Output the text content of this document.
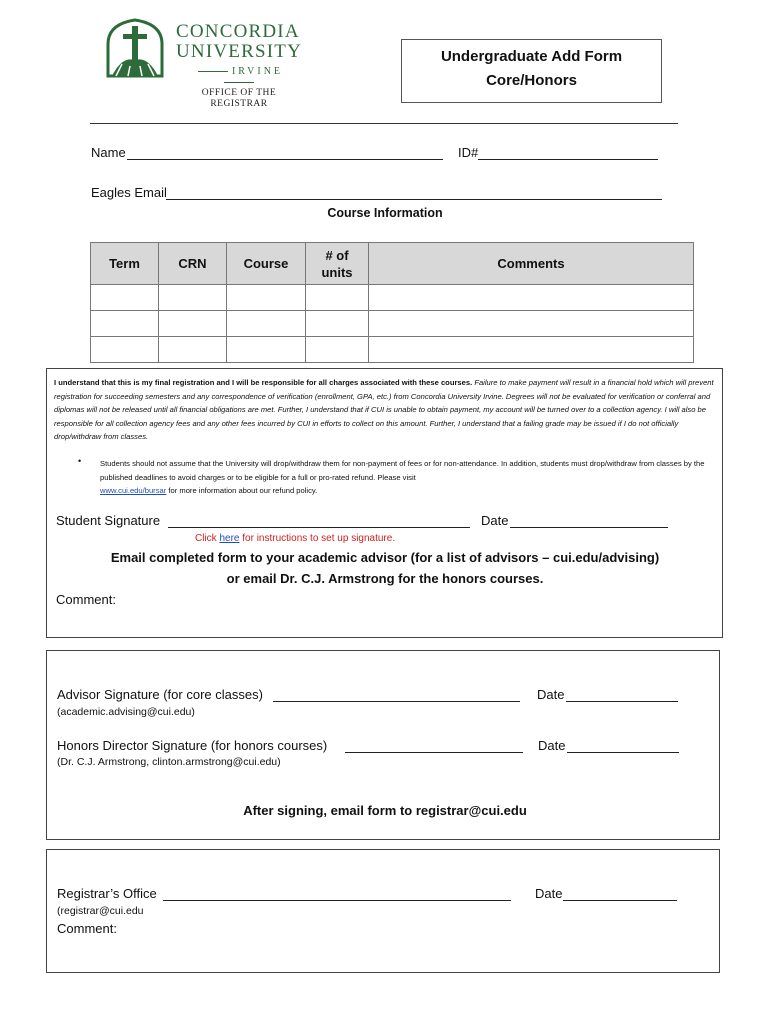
CONCORDIA
UNIVERSITY
IRVINE
OFFICE OF THE
REGISTRAR
Undergraduate Add Form
Core/Honors
Name	ID#
Eagles Email
Course Information
Term	CRN	Course	# of units	Comments

I understand that this is my final registration and I will be responsible for all charges associated with these courses. Failure to make payment will result in a financial hold which will prevent registration for succeeding semesters and any correspondence of verification (enrollment, GPA, etc.) from Concordia University Irvine. Degrees will not be evaluated for verification or conferral and diplomas will not be released until all financial obligations are met. Further, I understand that if CUI is unable to obtain payment, my account will be turned over to a collection agency. I will also be responsible for all collection agency fees and any other fees incurred by CUI in efforts to collect on this amount. Further, I understand that a failing grade may be issued if I do not officially drop/withdraw from classes.
• Students should not assume that the University will drop/withdraw them for non-payment of fees or for non-attendance. In addition, students must drop/withdraw from classes by the published deadlines to avoid charges or to be eligible for a full or pro-rated refund. Please visit
www.cui.edu/bursar for more information about our refund policy.
Student Signature	Date
Click here for instructions to set up signature.
Email completed form to your academic advisor (for a list of advisors – cui.edu/advising)
or email Dr. C.J. Armstrong for the honors courses.
Comment:
Advisor Signature (for core classes)	Date
(academic.advising@cui.edu)
Honors Director Signature (for honors courses)	Date
(Dr. C.J. Armstrong, clinton.armstrong@cui.edu)
After signing, email form to registrar@cui.edu
Registrar’s Office	Date
(registrar@cui.edu
Comment:
